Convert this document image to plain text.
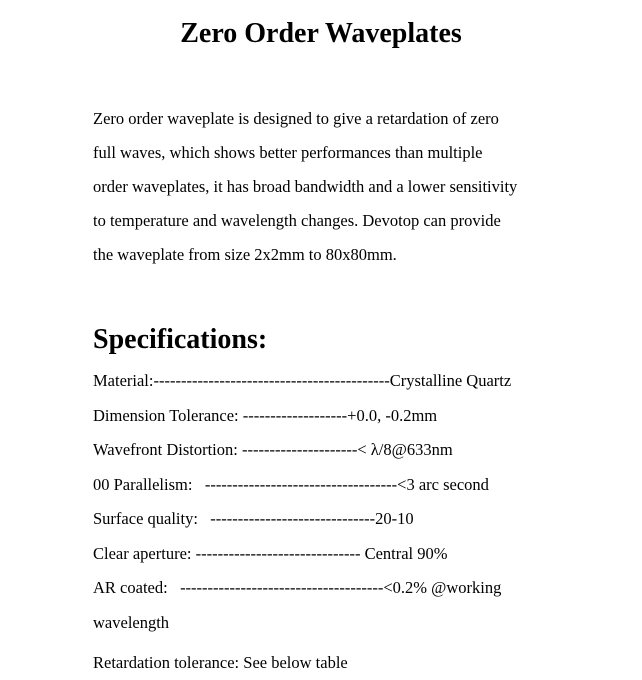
Zero Order Waveplates
Zero order waveplate is designed to give a retardation of zero
full waves, which shows better performances than multiple
order waveplates, it has broad bandwidth and a lower sensitivity
to temperature and wavelength changes. Devotop can provide
the waveplate from size 2x2mm to 80x80mm.
Specifications:
Material:-------------------------------------------Crystalline Quartz
Dimension Tolerance: -------------------+0.0, -0.2mm
Wavefront Distortion: ---------------------< λ/8@633nm
00 Parallelism:   -----------------------------------<3 arc second
Surface quality:   ------------------------------20-10
Clear aperture: ------------------------------ Central 90%
AR coated:   -------------------------------------<0.2% @working
wavelength

Retardation tolerance: See below table
